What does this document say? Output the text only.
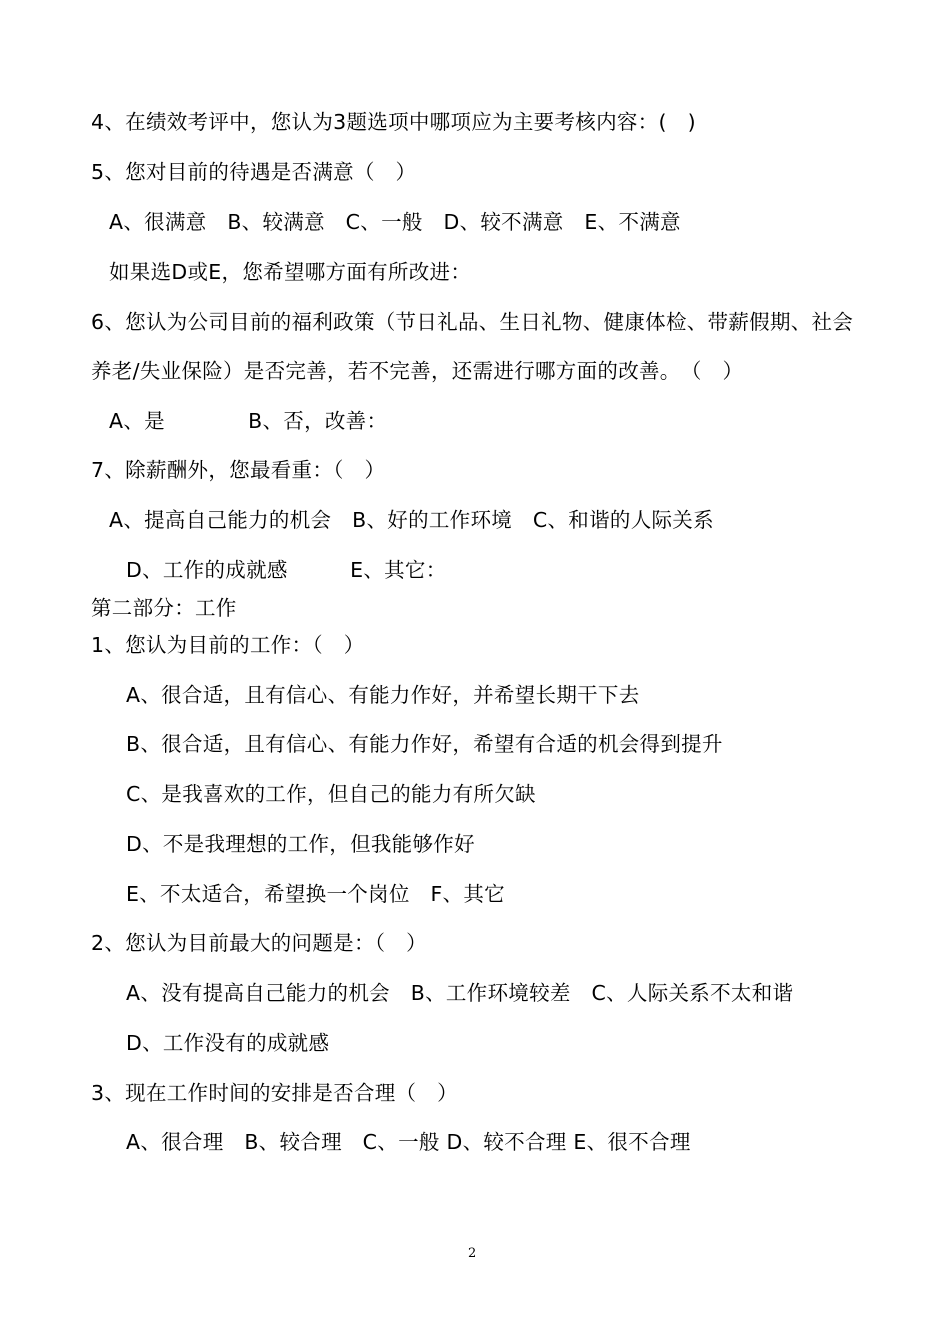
4、在绩效考评中，您认为3题选项中哪项应为主要考核内容：(　)
5、您对目前的待遇是否满意（　）
A、很满意　B、较满意　C、一般　D、较不满意　E、不满意
如果选D或E，您希望哪方面有所改进：
6、您认为公司目前的福利政策（节日礼品、生日礼物、健康体检、带薪假期、社会
养老/失业保险）是否完善，若不完善，还需进行哪方面的改善。　（　）
A、是　　　　B、否，改善：
7、除薪酬外，您最看重：（　）
A、提高自己能力的机会　B、好的工作环境　C、和谐的人际关系
D、工作的成就感　　　E、其它：
第二部分：工作
1、您认为目前的工作：（　）
A、很合适，且有信心、有能力作好，并希望长期干下去
B、很合适，且有信心、有能力作好，希望有合适的机会得到提升
C、是我喜欢的工作，但自己的能力有所欠缺
D、不是我理想的工作，但我能够作好
E、不太适合，希望换一个岗位　F、其它
2、您认为目前最大的问题是：（　）
A、没有提高自己能力的机会　B、工作环境较差　C、人际关系不太和谐
D、工作没有的成就感
3、现在工作时间的安排是否合理（　）
A、很合理　B、较合理　C、一般 D、较不合理 E、很不合理
2
